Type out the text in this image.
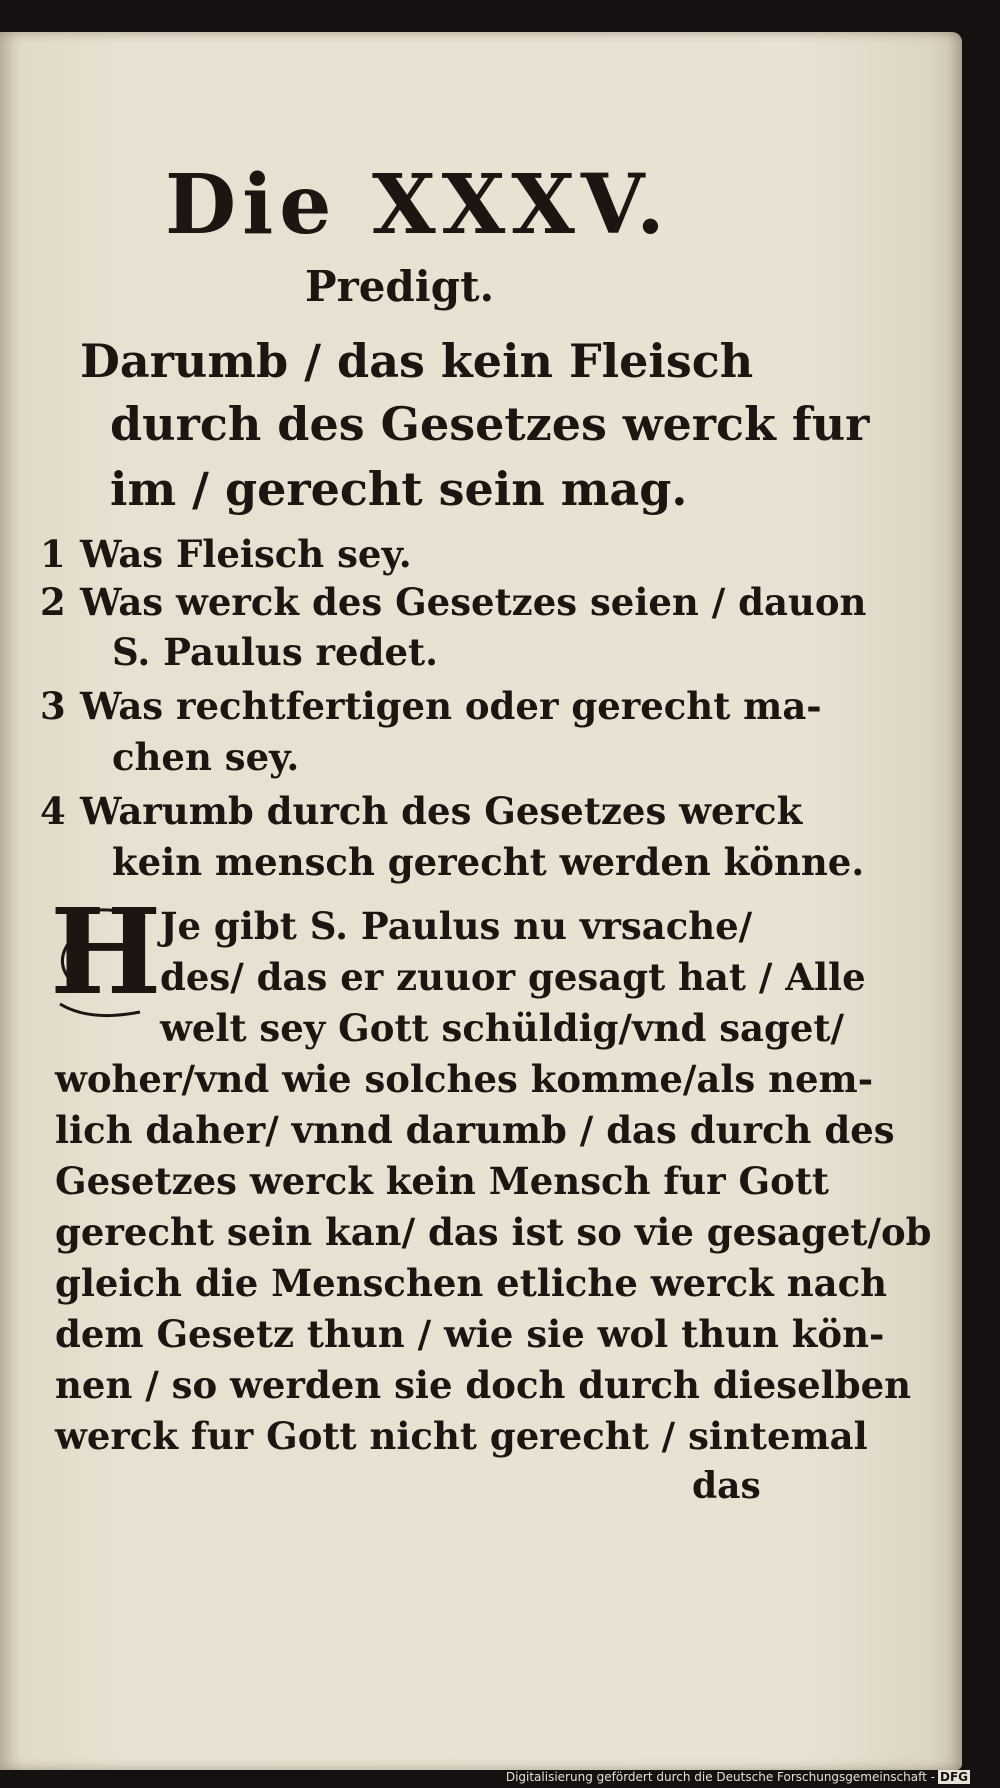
Die XXXV.
Predigt.
Darumb / das kein Fleisch
durch des Gesetzes werck fur
im / gerecht sein mag.
1 Was Fleisch sey.
2 Was werck des Gesetzes seien / dauon
S. Paulus redet.
3 Was rechtfertigen oder gerecht ma-
chen sey.
4 Warumb durch des Gesetzes werck
kein mensch gerecht werden könne.
H
Je gibt S. Paulus nu vrsache/
des/ das er zuuor gesagt hat / Alle
welt sey Gott schüldig/vnd saget/
woher/vnd wie solches komme/als nem-
lich daher/ vnnd darumb / das durch des
Gesetzes werck kein Mensch fur Gott
gerecht sein kan/ das ist so vie gesaget/ob
gleich die Menschen etliche werck nach
dem Gesetz thun / wie sie wol thun kön-
nen / so werden sie doch durch dieselben
werck fur Gott nicht gerecht / sintemal
das
Digitalisierung gefördert durch die Deutsche Forschungsgemeinschaft - DFG
